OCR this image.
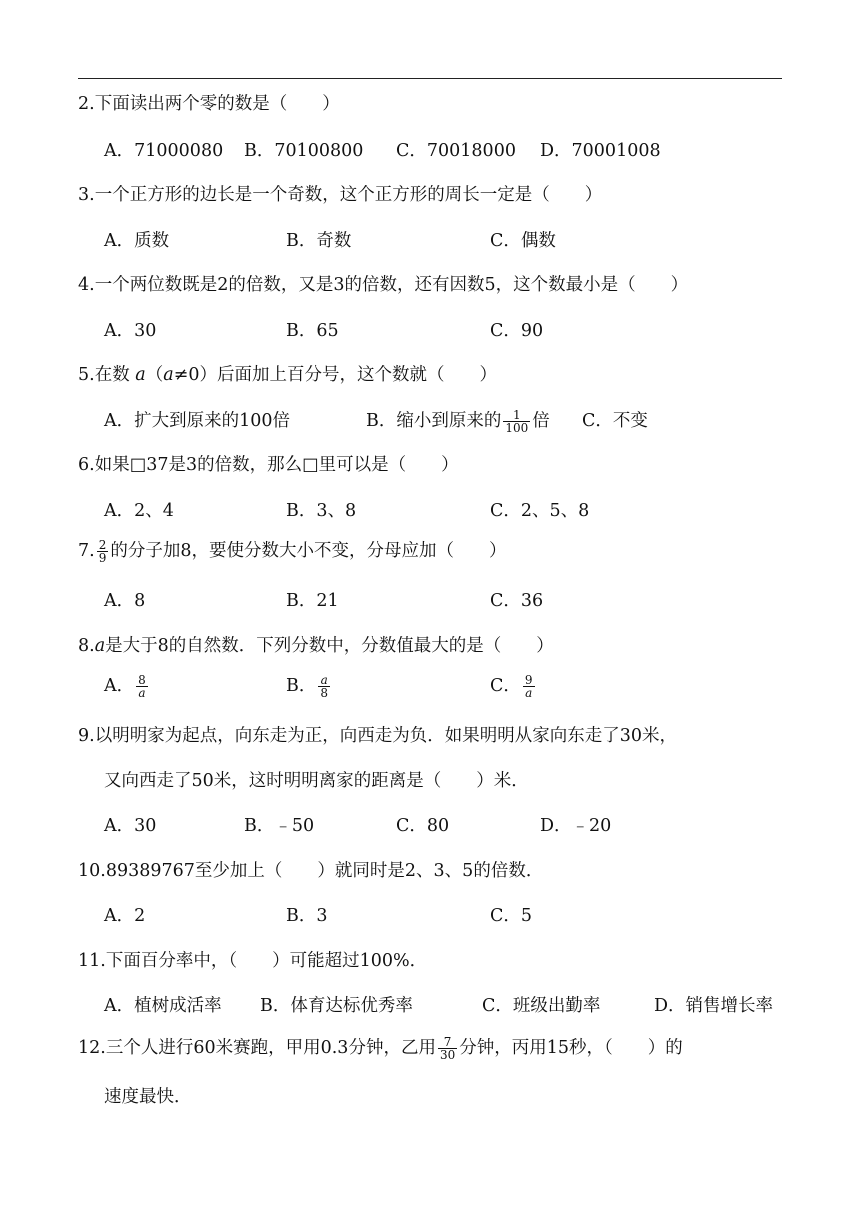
2.下面读出两个零的数是（　　）
A．71000080 B．70100800 C．70018000 D．70001008
3.一个正方形的边长是一个奇数，这个正方形的周长一定是（　　）
A．质数	B．奇数	C．偶数
4.一个两位数既是2的倍数，又是3的倍数，还有因数5，这个数最小是（　　）
A．30	B．65	C．90
5.在数 a（a≠0）后面加上百分号，这个数就（　　）
A．扩大到原来的100倍	B．缩小到原来的 $\frac{1}{100}$ 倍 C．不变
6.如果□37是3的倍数，那么□里可以是（　　）
A．2、4	B．3、8	C．2、5、8
7. $\frac{2}{9}$ 的分子加8，要使分数大小不变，分母应加（　　）
A．8	B．21	C．36
8.a是大于8的自然数．下列分数中，分数值最大的是（　　）
A． $\frac{8}{a}$	B． $\frac{a}{8}$	C． $\frac{9}{a}$
9.以明明家为起点，向东走为正，向西走为负．如果明明从家向东走了30米，
又向西走了50米，这时明明离家的距离是（　　）米．
A．30	B．﹣50	C．80	D．﹣20
10.89389767至少加上（　　）就同时是2、3、5的倍数．
A．2	B．3	C．5
11.下面百分率中，（　　）可能超过100%．
A．植树成活率 B．体育达标优秀率	C．班级出勤率	D．销售增长率
12.三个人进行60米赛跑，甲用0.3分钟，乙用 $\frac{7}{30}$ 分钟，丙用15秒，（　　）的
速度最快．
